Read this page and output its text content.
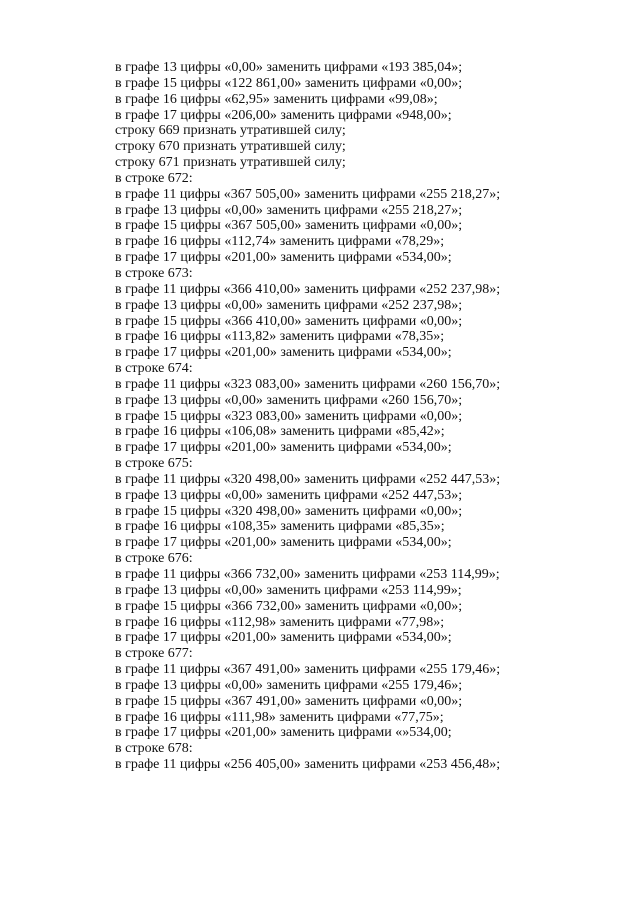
в графе 13 цифры «0,00» заменить цифрами «193 385,04»;
в графе 15 цифры «122 861,00» заменить цифрами «0,00»;
в графе 16 цифры «62,95» заменить цифрами «99,08»;
в графе 17 цифры «206,00» заменить цифрами «948,00»;
строку 669 признать утратившей силу;
строку 670 признать утратившей силу;
строку 671 признать утратившей силу;
в строке 672:
в графе 11 цифры «367 505,00» заменить цифрами «255 218,27»;
в графе 13 цифры «0,00» заменить цифрами «255 218,27»;
в графе 15 цифры «367 505,00» заменить цифрами «0,00»;
в графе 16 цифры «112,74» заменить цифрами «78,29»;
в графе 17 цифры «201,00» заменить цифрами «534,00»;
в строке 673:
в графе 11 цифры «366 410,00» заменить цифрами «252 237,98»;
в графе 13 цифры «0,00» заменить цифрами «252 237,98»;
в графе 15 цифры «366 410,00» заменить цифрами «0,00»;
в графе 16 цифры «113,82» заменить цифрами «78,35»;
в графе 17 цифры «201,00» заменить цифрами «534,00»;
в строке 674:
в графе 11 цифры «323 083,00» заменить цифрами «260 156,70»;
в графе 13 цифры «0,00» заменить цифрами «260 156,70»;
в графе 15 цифры «323 083,00» заменить цифрами «0,00»;
в графе 16 цифры «106,08» заменить цифрами «85,42»;
в графе 17 цифры «201,00» заменить цифрами «534,00»;
в строке 675:
в графе 11 цифры «320 498,00» заменить цифрами «252 447,53»;
в графе 13 цифры «0,00» заменить цифрами «252 447,53»;
в графе 15 цифры «320 498,00» заменить цифрами «0,00»;
в графе 16 цифры «108,35» заменить цифрами «85,35»;
в графе 17 цифры «201,00» заменить цифрами «534,00»;
в строке 676:
в графе 11 цифры «366 732,00» заменить цифрами «253 114,99»;
в графе 13 цифры «0,00» заменить цифрами «253 114,99»;
в графе 15 цифры «366 732,00» заменить цифрами «0,00»;
в графе 16 цифры «112,98» заменить цифрами «77,98»;
в графе 17 цифры «201,00» заменить цифрами «534,00»;
в строке 677:
в графе 11 цифры «367 491,00» заменить цифрами «255 179,46»;
в графе 13 цифры «0,00» заменить цифрами «255 179,46»;
в графе 15 цифры «367 491,00» заменить цифрами «0,00»;
в графе 16 цифры «111,98» заменить цифрами «77,75»;
в графе 17 цифры «201,00» заменить цифрами «»534,00;
в строке 678:
в графе 11 цифры «256 405,00» заменить цифрами «253 456,48»;
